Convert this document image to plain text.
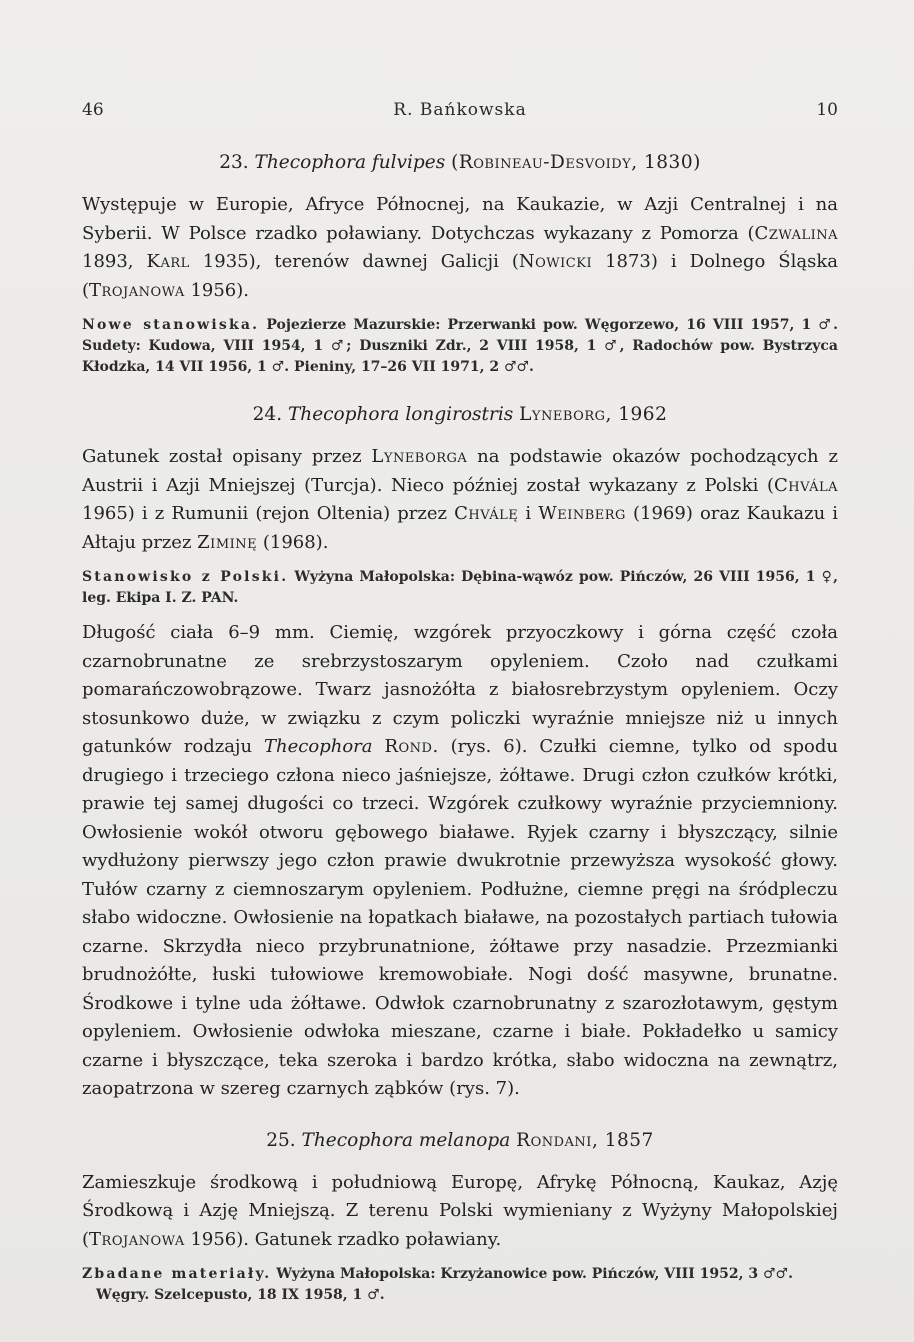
46	R. Bańkowska	10
23. Thecophora fulvipes (Robineau-Desvoidy, 1830)

Występuje w Europie, Afryce Północnej, na Kaukazie, w Azji Centralnej i na Syberii. W Polsce rzadko poławiany. Dotychczas wykazany z Pomorza (Czwalina 1893, Karl 1935), terenów dawnej Galicji (Nowicki 1873) i Dolnego Śląska (Trojanowa 1956).

Nowe stanowiska. Pojezierze Mazurskie: Przerwanki pow. Węgorzewo, 16 VIII 1957, 1 ♂. Sudety: Kudowa, VIII 1954, 1 ♂; Duszniki Zdr., 2 VIII 1958, 1 ♂, Radochów pow. Bystrzyca Kłodzka, 14 VII 1956, 1 ♂. Pieniny, 17–26 VII 1971, 2 ♂♂.

24. Thecophora longirostris Lyneborg, 1962

Gatunek został opisany przez Lyneborga na podstawie okazów pochodzących z Austrii i Azji Mniejszej (Turcja). Nieco później został wykazany z Polski (Chvála 1965) i z Rumunii (rejon Oltenia) przez Chválę i Weinberg (1969) oraz Kaukazu i Ałtaju przez Ziminę (1968).

Stanowisko z Polski. Wyżyna Małopolska: Dębina-wąwóz pow. Pińczów, 26 VIII 1956, 1 ♀, leg. Ekipa I. Z. PAN.

Długość ciała 6–9 mm. Ciemię, wzgórek przyoczkowy i górna część czoła czarnobrunatne ze srebrzystoszarym opyleniem. Czoło nad czułkami pomarańczowobrązowe. Twarz jasnożółta z białosrebrzystym opyleniem. Oczy stosunkowo duże, w związku z czym policzki wyraźnie mniejsze niż u innych gatunków rodzaju Thecophora Rond. (rys. 6). Czułki ciemne, tylko od spodu drugiego i trzeciego człona nieco jaśniejsze, żółtawe. Drugi człon czułków krótki, prawie tej samej długości co trzeci. Wzgórek czułkowy wyraźnie przyciemniony. Owłosienie wokół otworu gębowego białawe. Ryjek czarny i błyszczący, silnie wydłużony pierwszy jego człon prawie dwukrotnie przewyższa wysokość głowy. Tułów czarny z ciemnoszarym opyleniem. Podłużne, ciemne pręgi na śródpleczu słabo widoczne. Owłosienie na łopatkach białawe, na pozostałych partiach tułowia czarne. Skrzydła nieco przybrunatnione, żółtawe przy nasadzie. Przezmianki brudnożółte, łuski tułowiowe kremowobiałe. Nogi dość masywne, brunatne. Środkowe i tylne uda żółtawe. Odwłok czarnobrunatny z szarozłotawym, gęstym opyleniem. Owłosienie odwłoka mieszane, czarne i białe. Pokładełko u samicy czarne i błyszczące, teka szeroka i bardzo krótka, słabo widoczna na zewnątrz, zaopatrzona w szereg czarnych ząbków (rys. 7).

25. Thecophora melanopa Rondani, 1857

Zamieszkuje środkową i południową Europę, Afrykę Północną, Kaukaz, Azję Środkową i Azję Mniejszą. Z terenu Polski wymieniany z Wyżyny Małopolskiej (Trojanowa 1956). Gatunek rzadko poławiany.

Zbadane materiały. Wyżyna Małopolska: Krzyżanowice pow. Pińczów, VIII 1952, 3 ♂♂.

Węgry. Szelcepusto, 18 IX 1958, 1 ♂.
